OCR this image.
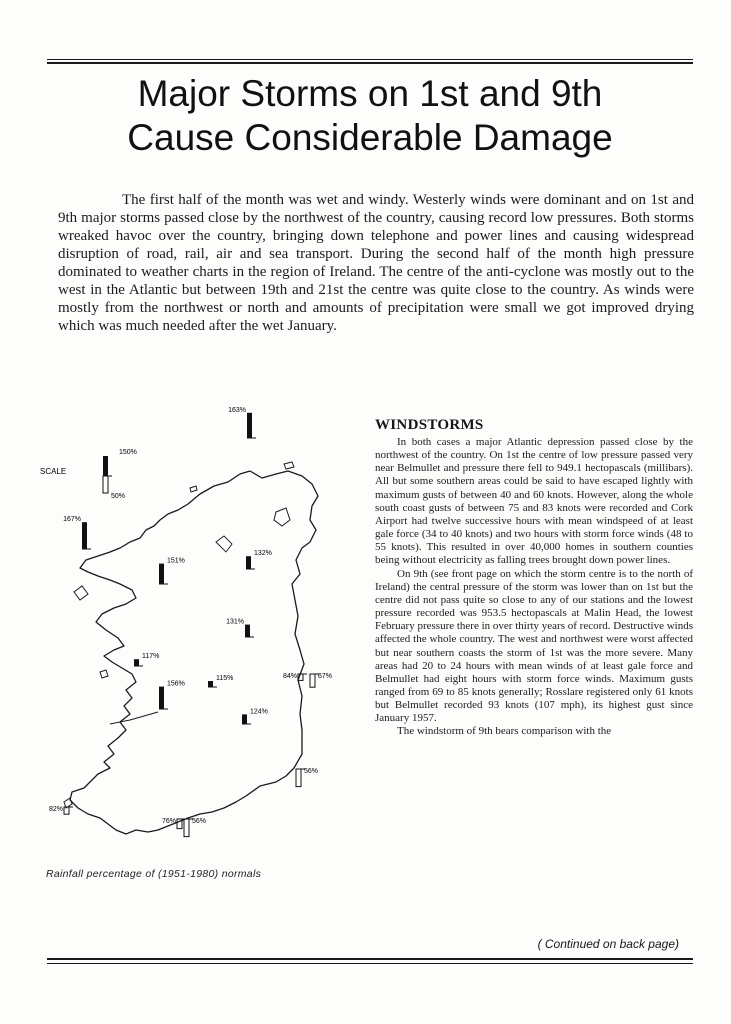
Major Storms on 1st and 9th
Cause Considerable Damage

The first half of the month was wet and windy. Westerly winds were dominant and on 1st and 9th major storms passed close by the northwest of the country, causing record low pressures. Both storms wreaked havoc over the country, bringing down telephone and power lines and causing widespread disruption of road, rail, air and sea transport. During the second half of the month high pressure dominated to weather charts in the region of Ireland. The centre of the anti-cyclone was mostly out to the west in the Atlantic but between 19th and 21st the centre was quite close to the country. As winds were mostly from the northwest or north and amounts of precipitation were small we got improved drying which was much needed after the wet January.

SCALE
150%
50%
163%
167%
132%
151%
131%
117%
115%	84%	67%
156%
124%
56%
82%
76% 56%

Rainfall percentage of (1951-1980) normals

WINDSTORMS

In both cases a major Atlantic depression passed close by the northwest of the country. On 1st the centre of low pressure passed very near Belmullet and pressure there fell to 949.1 hectopascals (millibars). All but some southern areas could be said to have escaped lightly with maximum gusts of between 40 and 60 knots. However, along the whole south coast gusts of between 75 and 83 knots were recorded and Cork Airport had twelve successive hours with mean windspeed of at least gale force (34 to 40 knots) and two hours with storm force winds (48 to 55 knots). This resulted in over 40,000 homes in southern counties being without electricity as falling trees brought down power lines.

On 9th (see front page on which the storm centre is to the north of Ireland) the central pressure of the storm was lower than on 1st but the centre did not pass quite so close to any of our stations and the lowest pressure recorded was 953.5 hectopascals at Malin Head, the lowest February pressure there in over thirty years of record. Destructive winds affected the whole country. The west and northwest were worst affected but near southern coasts the storm of 1st was the more severe. Many areas had 20 to 24 hours with mean winds of at least gale force and Belmullet had eight hours with storm force winds. Maximum gusts ranged from 69 to 85 knots generally; Rosslare registered only 61 knots but Belmullet recorded 93 knots (107 mph), its highest gust since January 1957.

The windstorm of 9th bears comparison with the

( Continued on back page)
